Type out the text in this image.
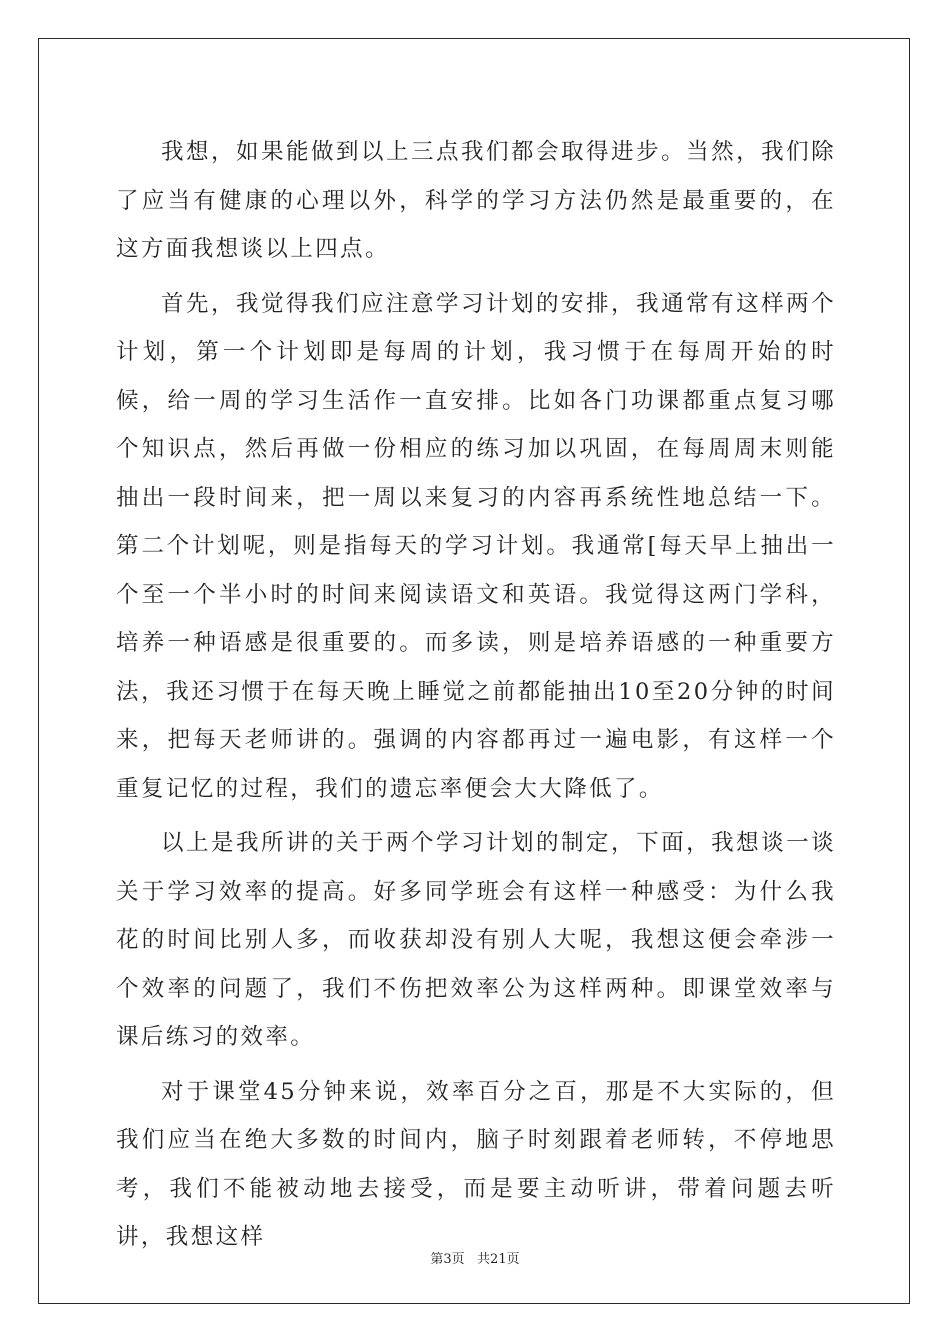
我想，如果能做到以上三点我们都会取得进步。当然，我们除了应当有健康的心理以外，科学的学习方法仍然是最重要的，在这方面我想谈以上四点。

首先，我觉得我们应注意学习计划的安排，我通常有这样两个计划，第一个计划即是每周的计划，我习惯于在每周开始的时候，给一周的学习生活作一直安排。比如各门功课都重点复习哪个知识点，然后再做一份相应的练习加以巩固，在每周周末则能抽出一段时间来，把一周以来复习的内容再系统性地总结一下。第二个计划呢，则是指每天的学习计划。我通常[每天早上抽出一个至一个半小时的时间来阅读语文和英语。我觉得这两门学科，培养一种语感是很重要的。而多读，则是培养语感的一种重要方法，我还习惯于在每天晚上睡觉之前都能抽出10至20分钟的时间来，把每天老师讲的。强调的内容都再过一遍电影，有这样一个重复记忆的过程，我们的遗忘率便会大大降低了。

以上是我所讲的关于两个学习计划的制定，下面，我想谈一谈关于学习效率的提高。好多同学班会有这样一种感受：为什么我花的时间比别人多，而收获却没有别人大呢，我想这便会牵涉一个效率的问题了，我们不伤把效率公为这样两种。即课堂效率与课后练习的效率。

对于课堂45分钟来说，效率百分之百，那是不大实际的，但我们应当在绝大多数的时间内，脑子时刻跟着老师转，不停地思考，我们不能被动地去接受，而是要主动听讲，带着问题去听讲，我想这样

第3页   共21页
